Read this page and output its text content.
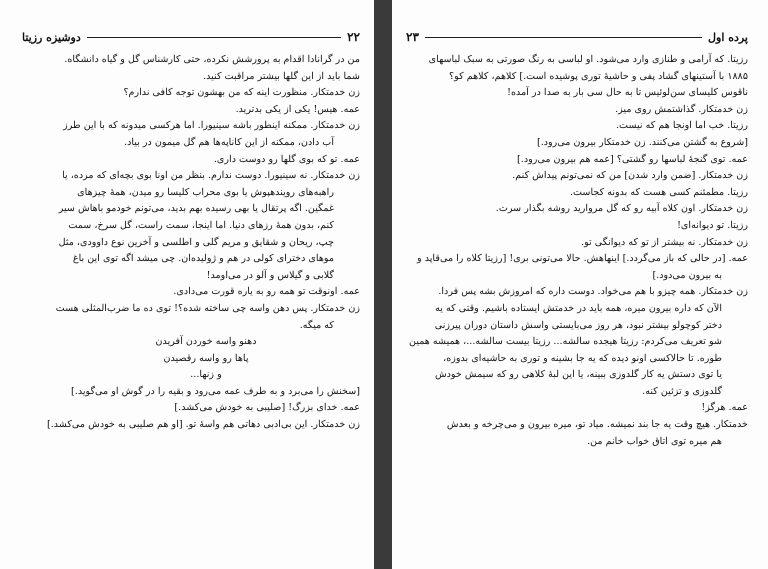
۲۲
دوشیزه رزیتا
من در گرانادا اقدام به پرورشش نکرده، حتی کارشناس گل و گیاه دانشگاه.
شما باید از این گلها بیشتر مراقبت کنید.
زن خدمتکار. منظورت اینه که من بهشون توجه کافی ندارم؟
عمه. هیس! یکی از یکی بدترید.
زن خدمتکار. ممکنه اینطور باشه سینیورا. اما هرکسی میدونه که با این طرز
آب دادن، ممکنه از این کاناپه‌ها هم گل میمون در بیاد.
عمه. تو که بوی گلها رو دوست داری.
زن خدمتکار. نه سینیورا. دوست ندارم. بنظر من اونا بوی بچه‌ای که مرده، یا
راهبه‌های رویندهپوش یا بوی محراب کلیسا رو میدن، همهٔ چیزهای
غمگین. اگه پرتقال یا بهی رسیده بهم بدید، می‌تونم خودمو باهاش سیر
کنم، بدون همهٔ رزهای دنیا. اما اینجا، سمت راست، گل سرخ، سمت
چپ، ریحان و شقایق و مریم گلی و اطلسی و آخرین نوع داوودی، مثل
موهای دخترای کولی در هم و ژولیده‌ان. چی میشد اگه توی این باغ
گلابی و گیلاس و آلو در می‌اومد!
عمه. اونوقت تو همه رو به یاره قورت می‌دادی.
زن خدمتکار. پس دهن واسه چی ساخته شده؟! توی ده ما ضرب‌المثلی هست
که میگه.
دهنو واسه خوردن آفریدن
پاها رو واسه رقصیدن
و زنها...
[سخنش را می‌برد و به طرف عمه می‌رود و بقیه را در گوش او می‌گوید.]
عمه. خدای بزرگ! [صلیبی به خودش می‌کشد.]
زن خدمتکار. این بی‌ادبی دهاتی هم واسهٔ تو. [او هم صلیبی به خودش می‌کشد.]
پرده اول
۲۳
رزیتا. که آرامی و طنازی وارد می‌شود. او لباسی به رنگ صورتی به سبک لباسهای
۱۸۸۵ با آستینهای گشاد پفی و حاشیهٔ توری پوشیده است.] کلاهم، کلاهم کو؟
ناقوس کلیسای سن‌لوئیس تا به حال سی بار به صدا در آمده!
زن خدمتکار. گذاشتمش روی میز.
رزیتا. خب اما اونجا هم که نیست.
[شروع به گشتن می‌کنند. زن خدمتکار بیرون می‌رود.]
عمه. توی گنجهٔ لباسها رو گشتی؟ [عمه هم بیرون می‌رود.]
زن خدمتکار. [ضمن وارد شدن] من که نمی‌تونم پیداش کنم.
رزیتا. مطمئنم کسی هست که بدونه کجاست.
زن خدمتکار. اون کلاه آبیه رو که گل مروارید روشه بگذار سرت.
رزیتا. تو دیوانه‌ای!
زن خدمتکار. نه بیشتر از تو که دیوانگی تو.
عمه. [در حالی که باز می‌گردد.] اینهاهش. حالا می‌تونی بری! [رزیتا کلاه را می‌قاپد و
به بیرون می‌دود.]
زن خدمتکار. همه چیزو با هم می‌خواد. دوست داره که امروزش بشه پس فردا.
الآن که داره بیرون میره، همه باید در خدمتش ایستاده باشیم. وقتی که یه
دختر کوچولو بیشتر نبود، هر روز می‌بایستی واسش داستان دوران پیرزنی
شو تعریف می‌کردم: رزیتا هیجده سالشه... رزیتا بیست سالشه...، همیشه همین
طوره. تا حالاکسی اونو دیده که یه جا بشینه و توری به حاشیه‌ای بدوزه،
یا توی دستش یه کار گلدوزی ببینه، یا این لبهٔ کلاهی رو که سیمش خودش
گلدوزی و تزئین کنه.
عمه. هرگز!
خدمتکار. هیچ وقت یه جا بند نمیشه. میاد تو، میره بیرون و می‌چرخه و بعدش
هم میره توی اتاق خواب خانم من.
